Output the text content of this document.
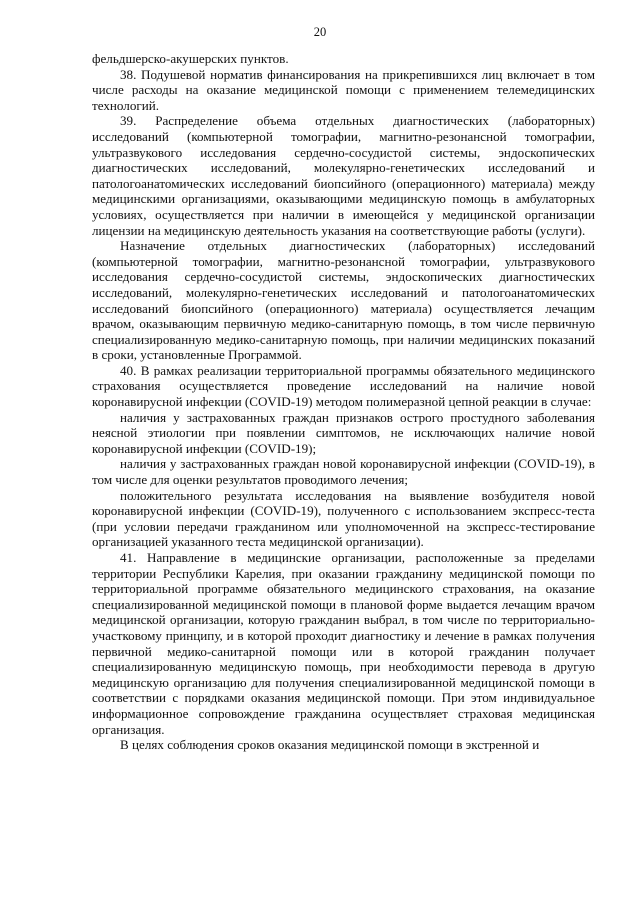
20

фельдшерско-акушерских пунктов.

38. Подушевой норматив финансирования на прикрепившихся лиц включает в том числе расходы на оказание медицинской помощи с применением телемедицинских технологий.

39. Распределение объема отдельных диагностических (лабораторных) исследований (компьютерной томографии, магнитно-резонансной томографии, ультразвукового исследования сердечно-сосудистой системы, эндоскопических диагностических исследований, молекулярно-генетических исследований и патологоанатомических исследований биопсийного (операционного) материала) между медицинскими организациями, оказывающими медицинскую помощь в амбулаторных условиях, осуществляется при наличии в имеющейся у медицинской организации лицензии на медицинскую деятельность указания на соответствующие работы (услуги).

Назначение отдельных диагностических (лабораторных) исследований (компьютерной томографии, магнитно-резонансной томографии, ультразвукового исследования сердечно-сосудистой системы, эндоскопических диагностических исследований, молекулярно-генетических исследований и патологоанатомических исследований биопсийного (операционного) материала) осуществляется лечащим врачом, оказывающим первичную медико-санитарную помощь, в том числе первичную специализированную медико-санитарную помощь, при наличии медицинских показаний в сроки, установленные Программой.

40. В рамках реализации территориальной программы обязательного медицинского страхования осуществляется проведение исследований на наличие новой коронавирусной инфекции (COVID-19) методом полимеразной цепной реакции в случае:

наличия у застрахованных граждан признаков острого простудного заболевания неясной этиологии при появлении симптомов, не исключающих наличие новой коронавирусной инфекции (COVID-19);

наличия у застрахованных граждан новой коронавирусной инфекции (COVID-19), в том числе для оценки результатов проводимого лечения;

положительного результата исследования на выявление возбудителя новой коронавирусной инфекции (COVID-19), полученного с использованием экспресс-теста (при условии передачи гражданином или уполномоченной на экспресс-тестирование организацией указанного теста медицинской организации).

41. Направление в медицинские организации, расположенные за пределами территории Республики Карелия, при оказании гражданину медицинской помощи по территориальной программе обязательного медицинского страхования, на оказание специализированной медицинской помощи в плановой форме выдается лечащим врачом медицинской организации, которую гражданин выбрал, в том числе по территориально-участковому принципу, и в которой проходит диагностику и лечение в рамках получения первичной медико-санитарной помощи или в которой гражданин получает специализированную медицинскую помощь, при необходимости перевода в другую медицинскую организацию для получения специализированной медицинской помощи в соответствии с порядками оказания медицинской помощи. При этом индивидуальное информационное сопровождение гражданина осуществляет страховая медицинская организация.

В целях соблюдения сроков оказания медицинской помощи в экстренной и
